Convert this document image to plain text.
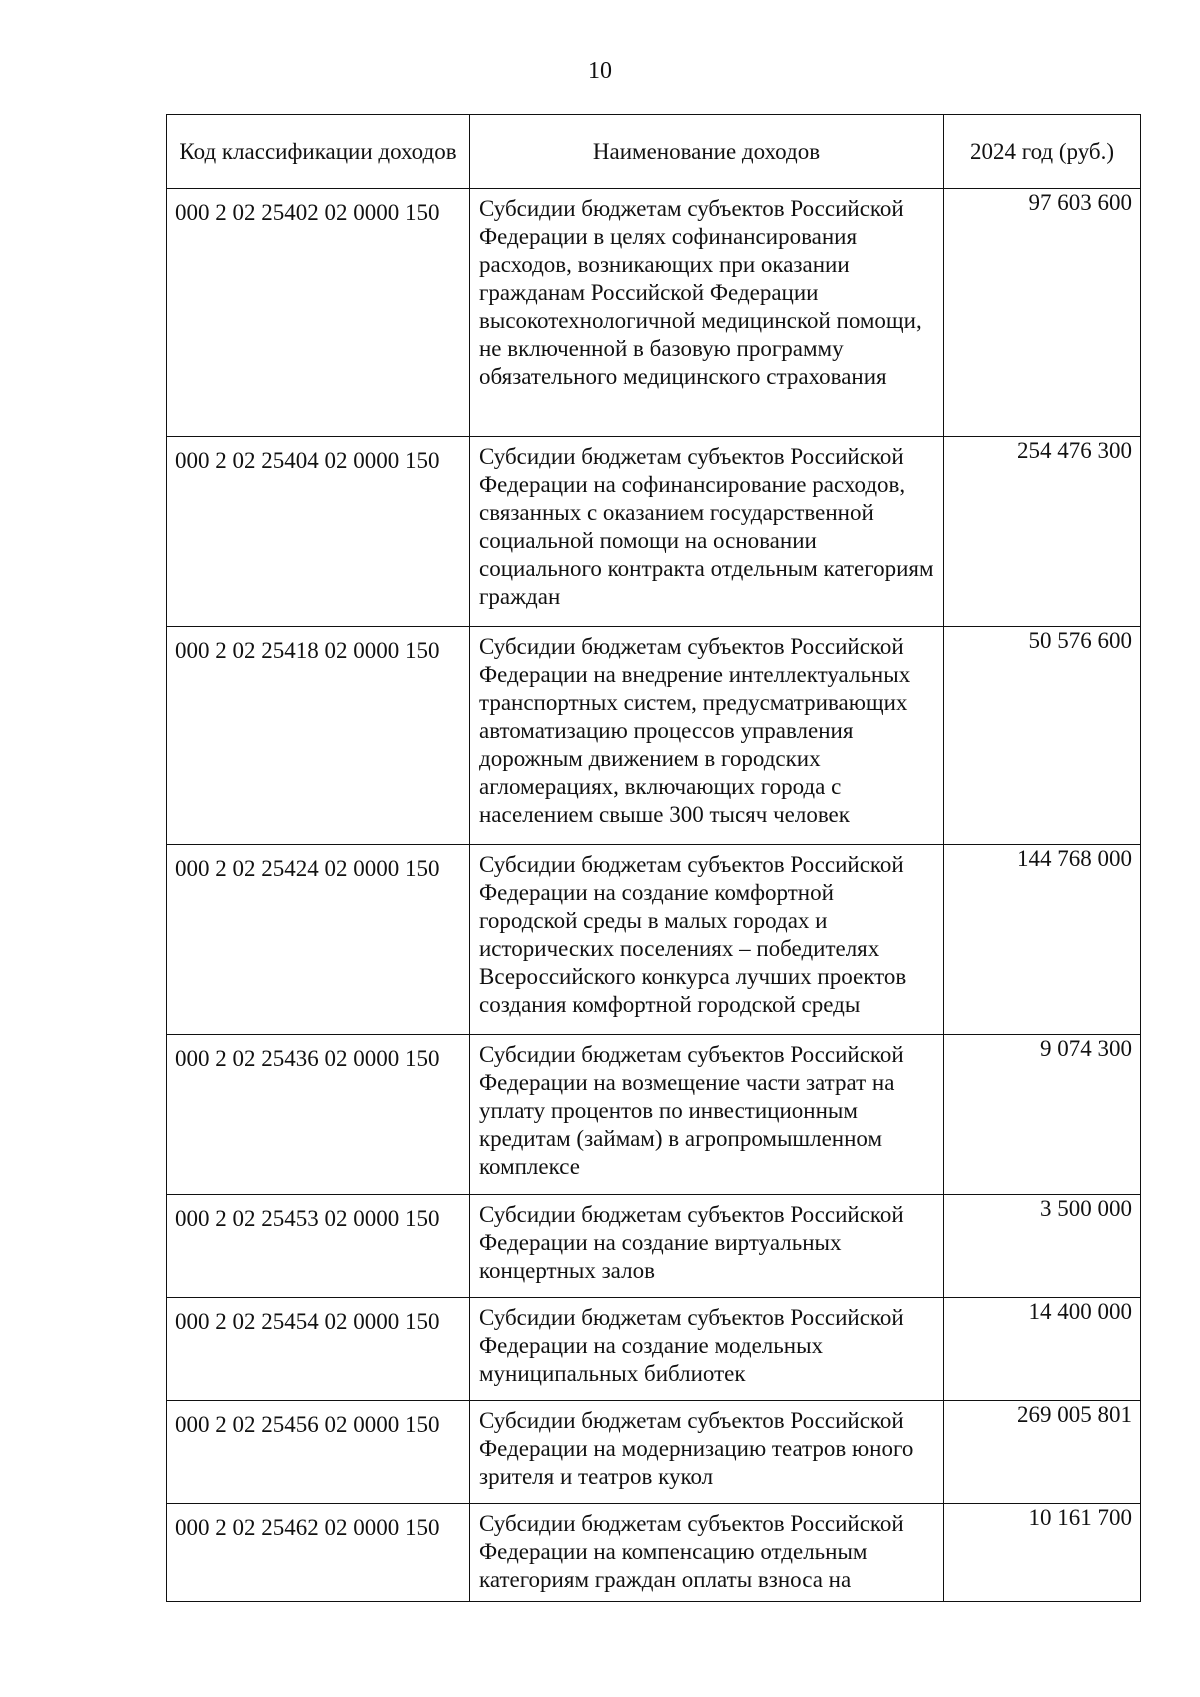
10
Код классификации доходов	Наименование доходов	2024 год (руб.)
000 2 02 25402 02 0000 150	Субсидии бюджетам субъектов Российской Федерации в целях софинансирования расходов, возникающих при оказании гражданам Российской Федерации высокотехнологичной медицинской помощи, не включенной в базовую программу обязательного медицинского страхования	97 603 600
000 2 02 25404 02 0000 150	Субсидии бюджетам субъектов Российской Федерации на софинансирование расходов, связанных с оказанием государственной социальной помощи на основании социального контракта отдельным категориям граждан	254 476 300
000 2 02 25418 02 0000 150	Субсидии бюджетам субъектов Российской Федерации на внедрение интеллектуальных транспортных систем, предусматривающих автоматизацию процессов управления дорожным движением в городских агломерациях, включающих города с населением свыше 300 тысяч человек	50 576 600
000 2 02 25424 02 0000 150	Субсидии бюджетам субъектов Российской Федерации на создание комфортной городской среды в малых городах и исторических поселениях – победителях Всероссийского конкурса лучших проектов создания комфортной городской среды	144 768 000
000 2 02 25436 02 0000 150	Субсидии бюджетам субъектов Российской Федерации на возмещение части затрат на уплату процентов по инвестиционным кредитам (займам) в агропромышленном комплексе	9 074 300
000 2 02 25453 02 0000 150	Субсидии бюджетам субъектов Российской Федерации на создание виртуальных концертных залов	3 500 000
000 2 02 25454 02 0000 150	Субсидии бюджетам субъектов Российской Федерации на создание модельных муниципальных библиотек	14 400 000
000 2 02 25456 02 0000 150	Субсидии бюджетам субъектов Российской Федерации на модернизацию театров юного зрителя и театров кукол	269 005 801
000 2 02 25462 02 0000 150	Субсидии бюджетам субъектов Российской Федерации на компенсацию отдельным категориям граждан оплаты взноса на	10 161 700
